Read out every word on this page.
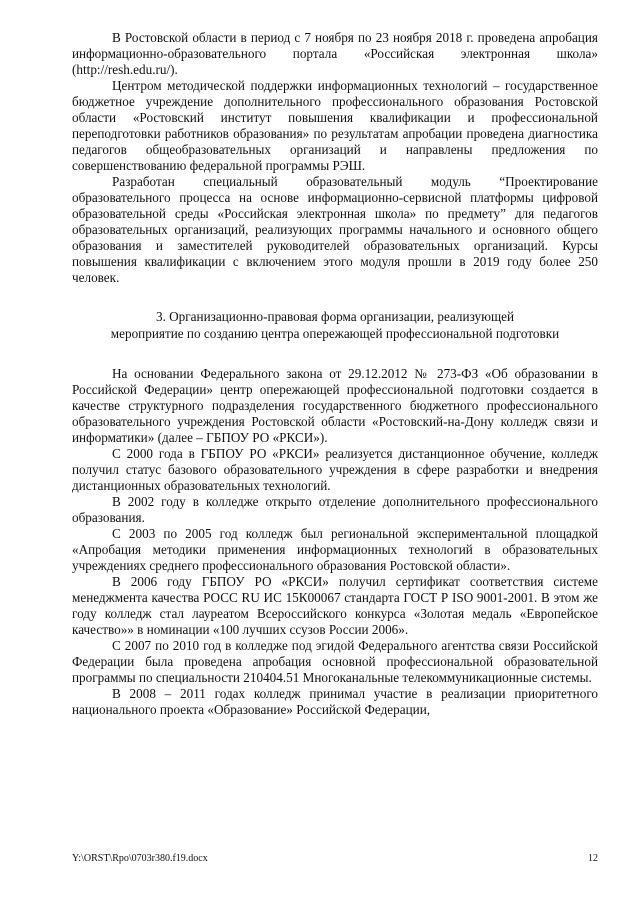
В Ростовской области в период с 7 ноября по 23 ноября 2018 г. проведена апробация информационно-образовательного портала «Российская электронная школа» (http://resh.edu.ru/).

Центром методической поддержки информационных технологий – государственное бюджетное учреждение дополнительного профессионального образования Ростовской области «Ростовский институт повышения квалификации и профессиональной переподготовки работников образования» по результатам апробации проведена диагностика педагогов общеобразовательных организаций и направлены предложения по совершенствованию федеральной программы РЭШ.

Разработан специальный образовательный модуль “Проектирование образовательного процесса на основе информационно-сервисной платформы цифровой образовательной среды «Российская электронная школа» по предмету” для педагогов образовательных организаций, реализующих программы начального и основного общего образования и заместителей руководителей образовательных организаций. Курсы повышения квалификации с включением этого модуля прошли в 2019 году более 250 человек.

3. Организационно-правовая форма организации, реализующей
мероприятие по созданию центра опережающей профессиональной подготовки

На основании Федерального закона от 29.12.2012 № 273-ФЗ «Об образовании в Российской Федерации» центр опережающей профессиональной подготовки создается в качестве структурного подразделения государственного бюджетного профессионального образовательного учреждения Ростовской области «Ростовский-на-Дону колледж связи и информатики» (далее – ГБПОУ РО «РКСИ»).

С 2000 года в ГБПОУ РО «РКСИ» реализуется дистанционное обучение, колледж получил статус базового образовательного учреждения в сфере разработки и внедрения дистанционных образовательных технологий.

В 2002 году в колледже открыто отделение дополнительного профессионального образования.

С 2003 по 2005 год колледж был региональной экспериментальной площадкой «Апробация методики применения информационных технологий в образовательных учреждениях среднего профессионального образования Ростовской области».

В 2006 году ГБПОУ РО «РКСИ» получил сертификат соответствия системе менеджмента качества РОСС RU ИС 15К00067 стандарта ГОСТ Р ISO 9001-2001. В этом же году колледж стал лауреатом Всероссийского конкурса «Золотая медаль «Европейское качество»» в номинации «100 лучших ссузов России 2006».

С 2007 по 2010 год в колледже под эгидой Федерального агентства связи Российской Федерации была проведена апробация основной профессиональной образовательной программы по специальности 210404.51 Многоканальные телекоммуникационные системы.

В 2008 – 2011 годах колледж принимал участие в реализации приоритетного национального проекта «Образование» Российской Федерации,

Y:\ORST\Rpo\0703r380.f19.docx	12
